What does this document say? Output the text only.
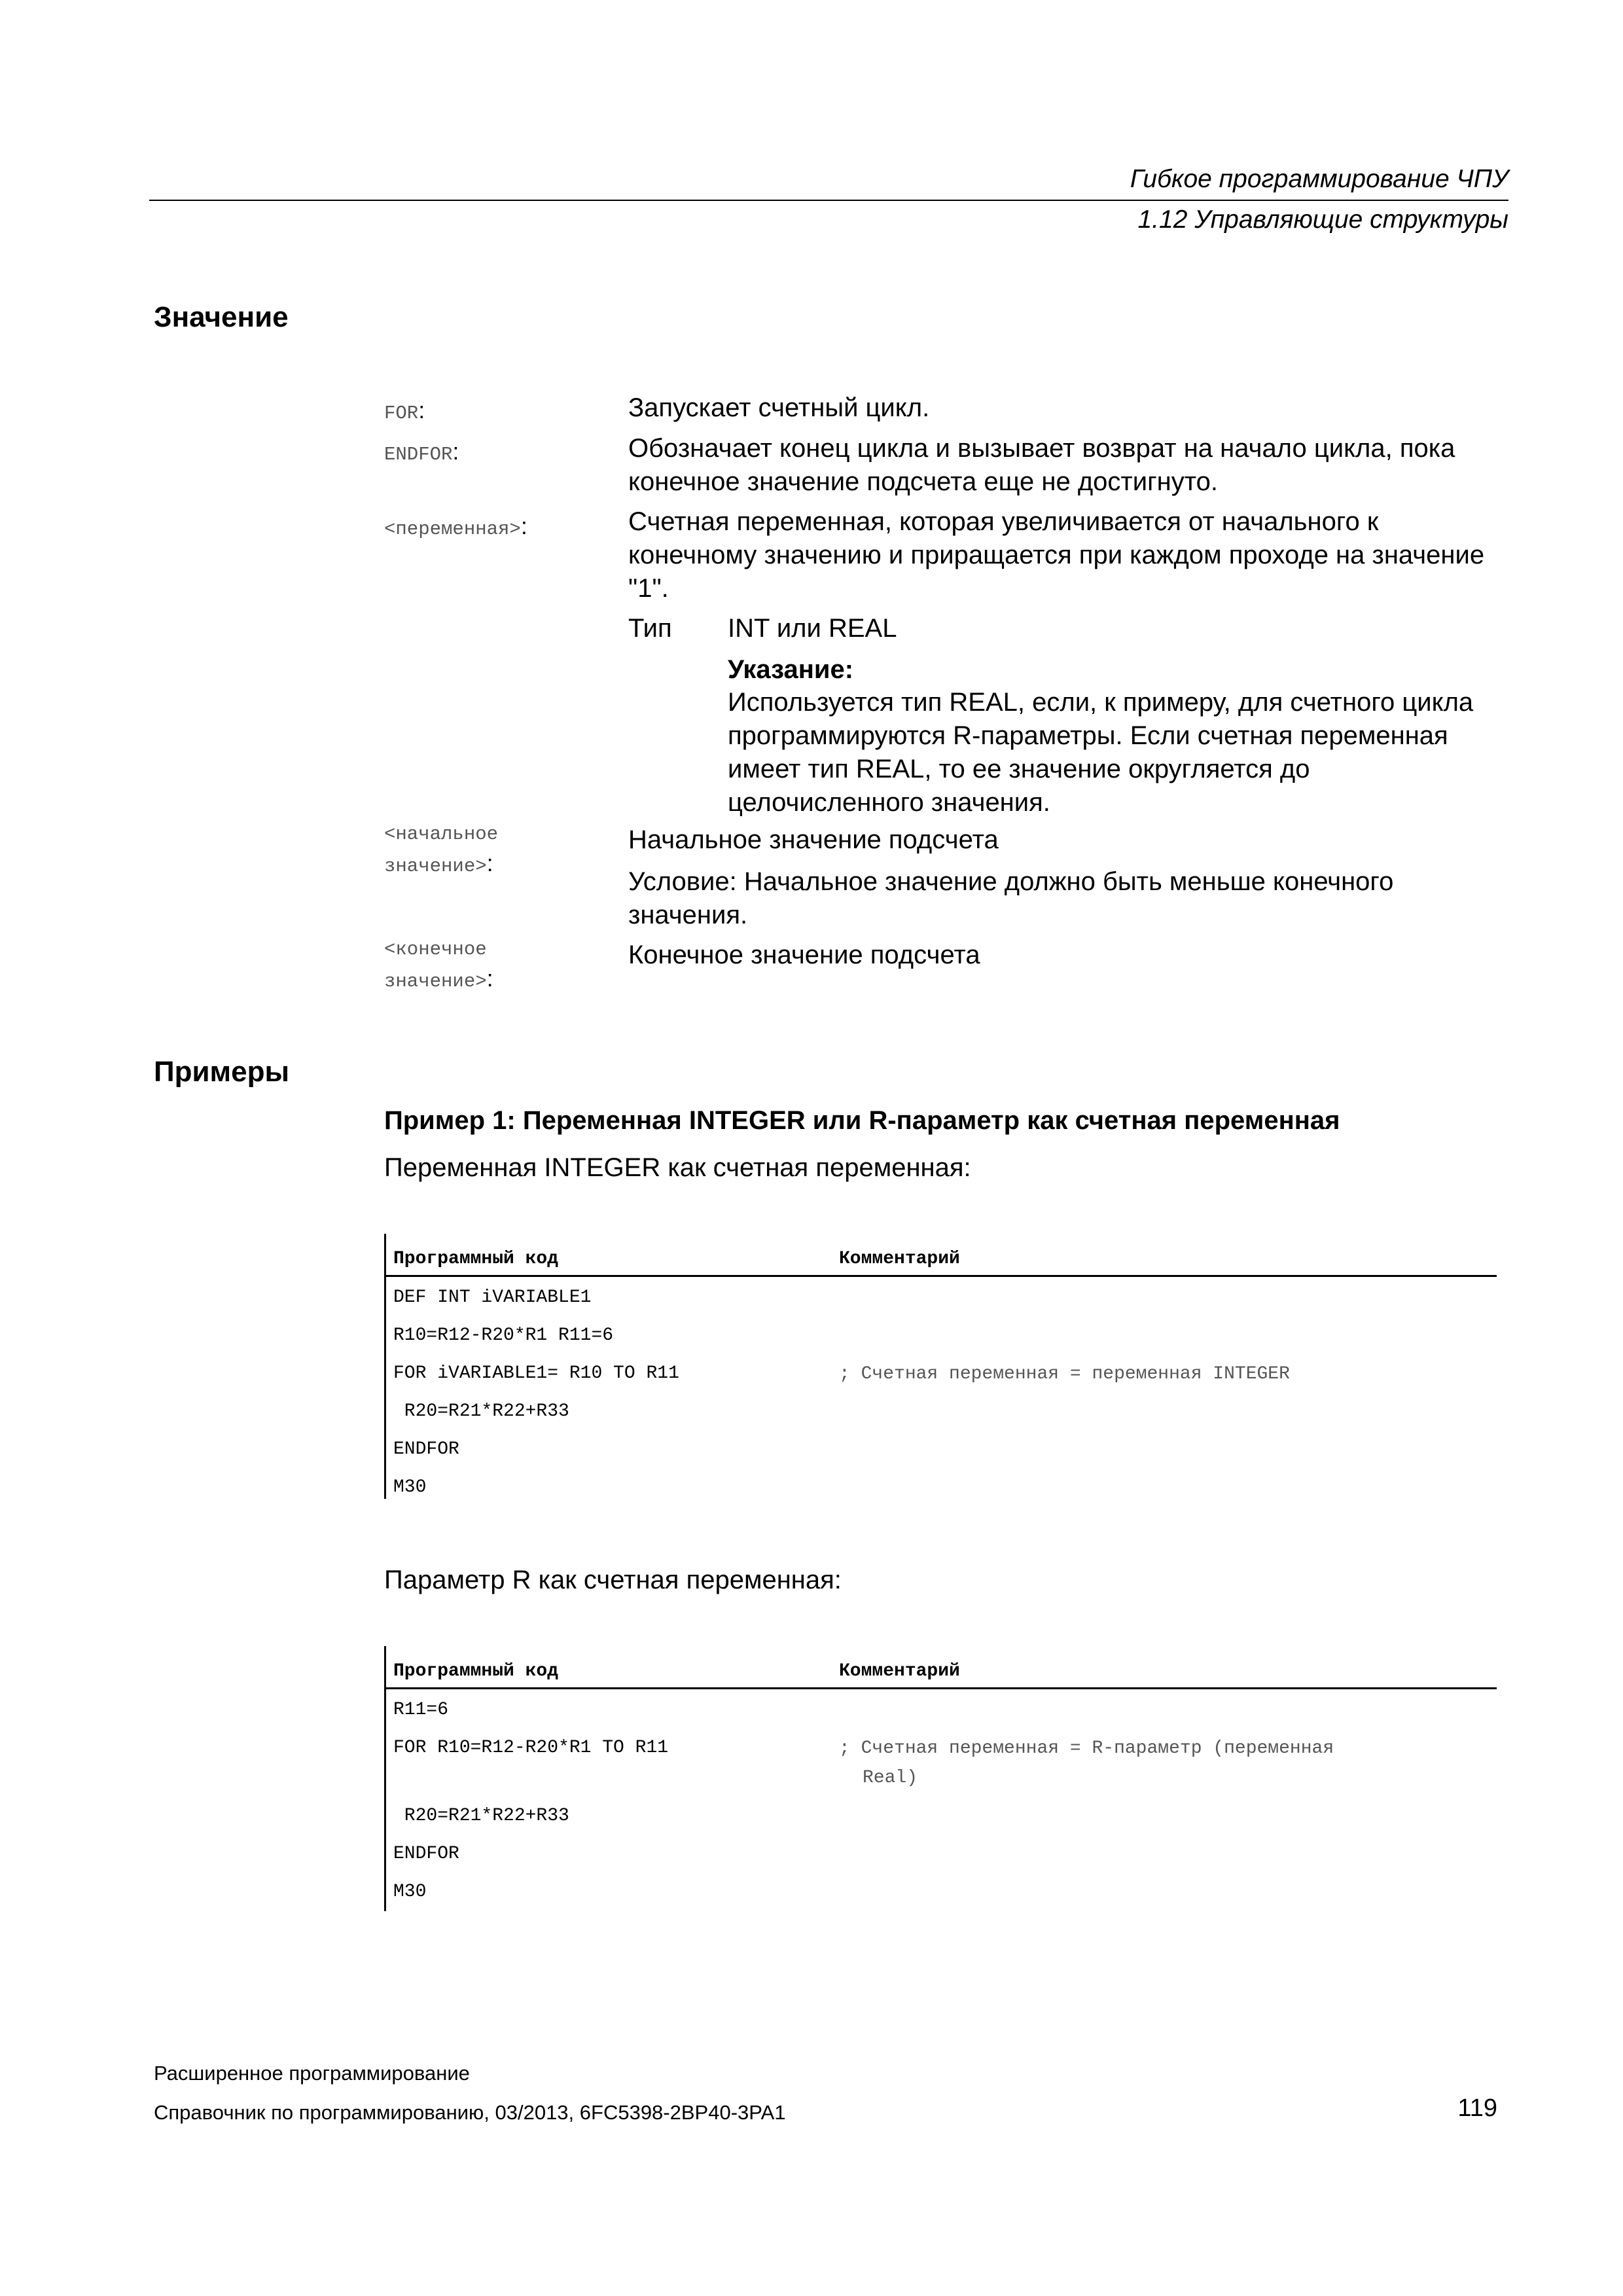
Гибкое программирование ЧПУ
1.12 Управляющие структуры
Значение
FOR:	Запускает счетный цикл.
ENDFOR:	Обозначает конец цикла и вызывает возврат на начало цикла, пока конечное значение подсчета еще не достигнуто.
<переменная>:	Счетная переменная, которая увеличивается от начального к конечному значению и приращается при каждом проходе на значение "1".
Тип INT или REAL
Указание:
Используется тип REAL, если, к примеру, для счетного цикла программируются R-параметры. Если счетная переменная имеет тип REAL, то ее значение округляется до целочисленного значения.
<начальное
значение>:
Начальное значение подсчета
Условие: Начальное значение должно быть меньше конечного значения.
<конечное
значение>:
Конечное значение подсчета
Примеры
Пример 1: Переменная INTEGER или R-параметр как счетная переменная
Переменная INTEGER как счетная переменная:
Программный код	Комментарий
DEF INT iVARIABLE1
R10=R12-R20*R1 R11=6
FOR iVARIABLE1= R10 TO R11	; Счетная переменная = переменная INTEGER
R20=R21*R22+R33
ENDFOR
M30
Параметр R как счетная переменная:
Программный код	Комментарий
R11=6
FOR R10=R12-R20*R1 TO R11	; Счетная переменная = R-параметр (переменная
Real)
R20=R21*R22+R33
ENDFOR
M30
Расширенное программирование
Справочник по программированию, 03/2013, 6FC5398-2BP40-3PA1	119
